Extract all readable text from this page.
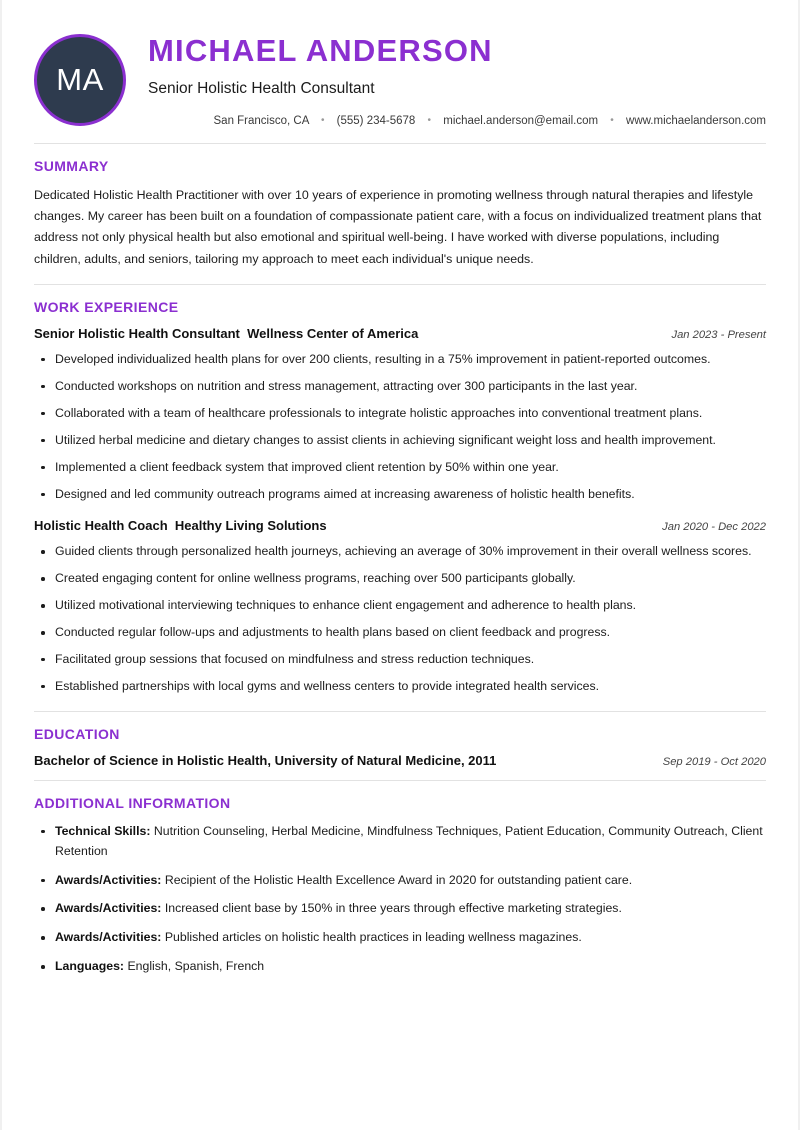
MA
MICHAEL ANDERSON
Senior Holistic Health Consultant
San Francisco, CA • (555) 234-5678 • michael.anderson@email.com • www.michaelanderson.com
SUMMARY

Dedicated Holistic Health Practitioner with over 10 years of experience in promoting wellness through natural therapies and lifestyle changes. My career has been built on a foundation of compassionate patient care, with a focus on individualized treatment plans that address not only physical health but also emotional and spiritual well-being. I have worked with diverse populations, including children, adults, and seniors, tailoring my approach to meet each individual's unique needs.

WORK EXPERIENCE
Senior Holistic Health Consultant Wellness Center of America	Jan 2023 - Present
Developed individualized health plans for over 200 clients, resulting in a 75% improvement in patient-reported outcomes.
Conducted workshops on nutrition and stress management, attracting over 300 participants in the last year.
Collaborated with a team of healthcare professionals to integrate holistic approaches into conventional treatment plans.
Utilized herbal medicine and dietary changes to assist clients in achieving significant weight loss and health improvement.
Implemented a client feedback system that improved client retention by 50% within one year.
Designed and led community outreach programs aimed at increasing awareness of holistic health benefits.
Holistic Health Coach Healthy Living Solutions	Jan 2020 - Dec 2022
Guided clients through personalized health journeys, achieving an average of 30% improvement in their overall wellness scores.
Created engaging content for online wellness programs, reaching over 500 participants globally.
Utilized motivational interviewing techniques to enhance client engagement and adherence to health plans.
Conducted regular follow-ups and adjustments to health plans based on client feedback and progress.
Facilitated group sessions that focused on mindfulness and stress reduction techniques.
Established partnerships with local gyms and wellness centers to provide integrated health services.
EDUCATION
Bachelor of Science in Holistic Health, University of Natural Medicine, 2011	Sep 2019 - Oct 2020
ADDITIONAL INFORMATION
Technical Skills: Nutrition Counseling, Herbal Medicine, Mindfulness Techniques, Patient Education, Community Outreach, Client Retention
Awards/Activities: Recipient of the Holistic Health Excellence Award in 2020 for outstanding patient care.
Awards/Activities: Increased client base by 150% in three years through effective marketing strategies.
Awards/Activities: Published articles on holistic health practices in leading wellness magazines.
Languages: English, Spanish, French
